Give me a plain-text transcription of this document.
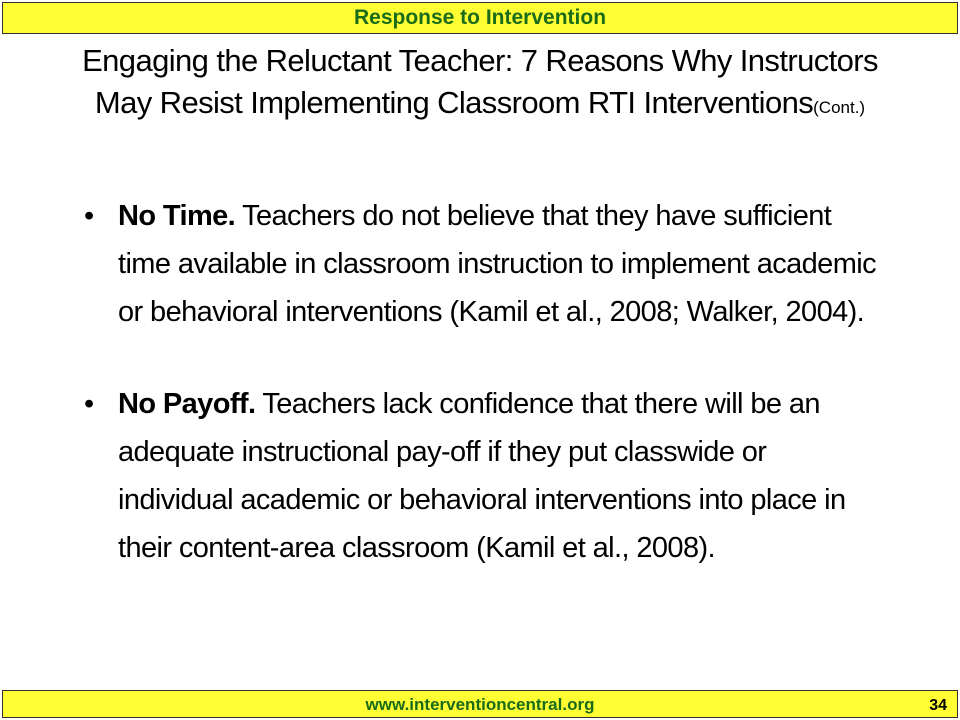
Response to Intervention
Engaging the Reluctant Teacher: 7 Reasons Why Instructors May Resist Implementing Classroom RTI Interventions(Cont.)
• No Time. Teachers do not believe that they have sufficient time available in classroom instruction to implement academic or behavioral interventions (Kamil et al., 2008; Walker, 2004).
• No Payoff. Teachers lack confidence that there will be an adequate instructional pay-off if they put classwide or individual academic or behavioral interventions into place in their content-area classroom (Kamil et al., 2008).
www.interventioncentral.org	34
